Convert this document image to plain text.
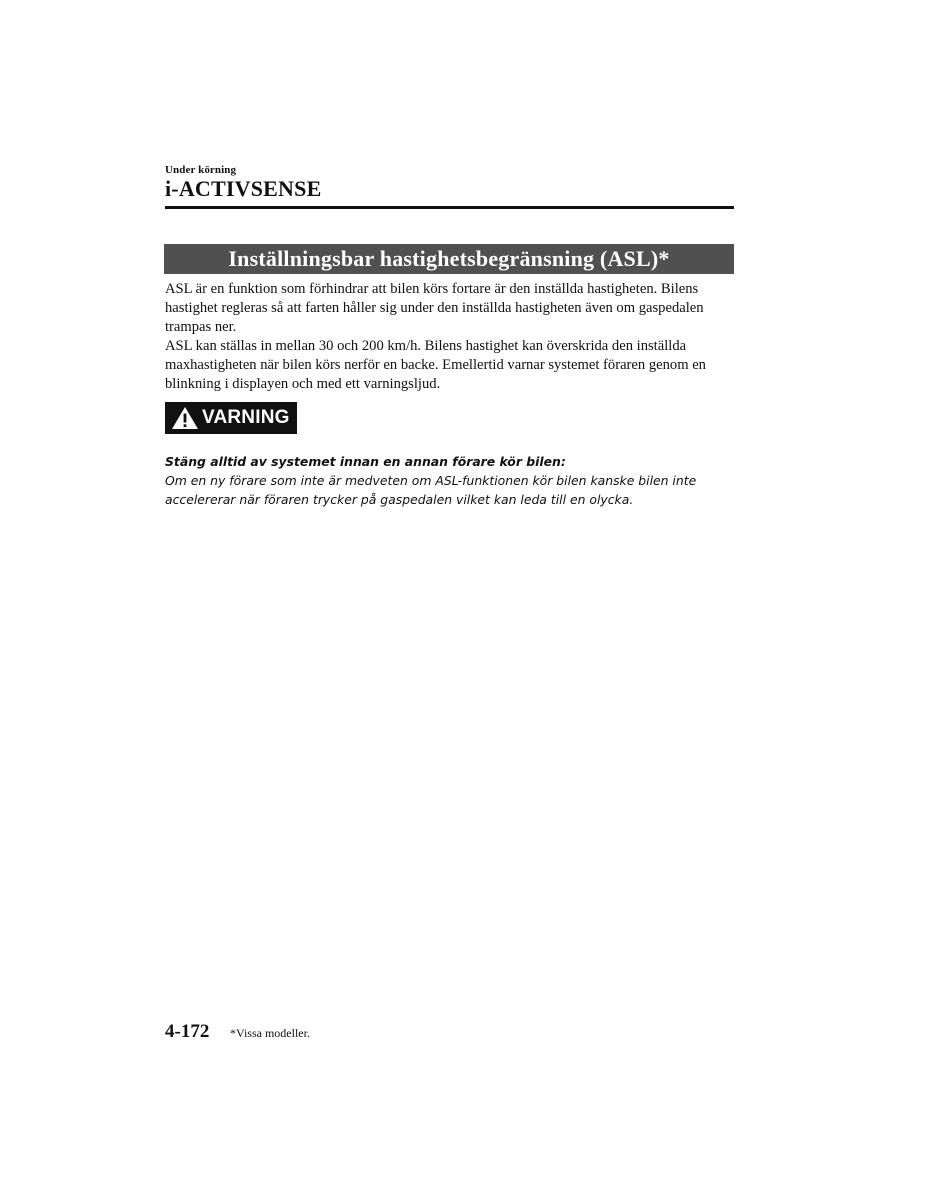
Under körning
i-ACTIVSENSE
Inställningsbar hastighetsbegränsning (ASL)*

ASL är en funktion som förhindrar att bilen körs fortare är den inställda hastigheten. Bilens hastighet regleras så att farten håller sig under den inställda hastigheten även om gaspedalen trampas ner.

ASL kan ställas in mellan 30 och 200 km/h. Bilens hastighet kan överskrida den inställda maxhastigheten när bilen körs nerför en backe. Emellertid varnar systemet föraren genom en blinkning i displayen och med ett varningsljud.

VARNING

Stäng alltid av systemet innan en annan förare kör bilen:

Om en ny förare som inte är medveten om ASL-funktionen kör bilen kanske bilen inte accelererar när föraren trycker på gaspedalen vilket kan leda till en olycka.

4-172 *Vissa modeller.
